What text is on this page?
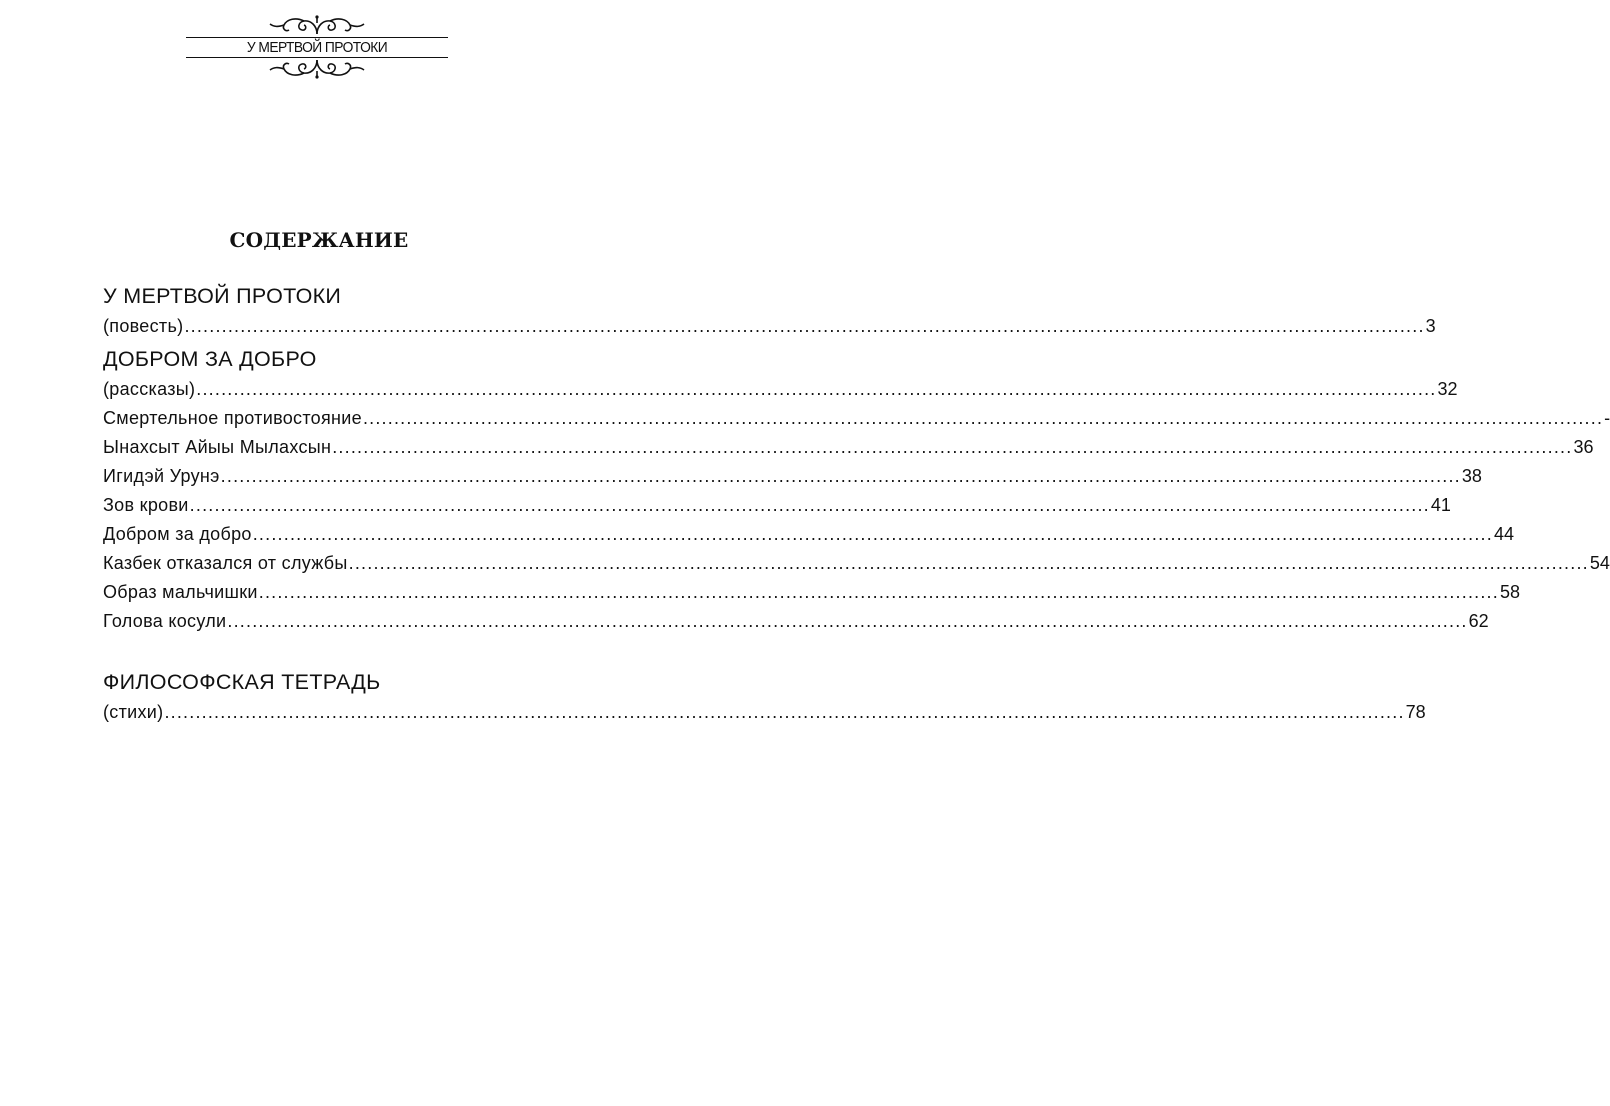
У МЕРТВОЙ ПРОТОКИ
СОДЕРЖАНИЕ
У МЕРТВОЙ ПРОТОКИ
(повесть) ........................................................................................................................................................................................................ 3
ДОБРОМ ЗА ДОБРО
(рассказы) ........................................................................................................................................................................................................ 32
Смертельное противостояние ........................................................................................................................................................................................................ -
Ынахсыт Айыы Мылахсын ........................................................................................................................................................................................................ 36
Игидэй Урунэ ........................................................................................................................................................................................................ 38
Зов крови ........................................................................................................................................................................................................ 41
Добром за добро ........................................................................................................................................................................................................ 44
Казбек отказался от службы ........................................................................................................................................................................................................ 54
Образ мальчишки ........................................................................................................................................................................................................ 58
Голова косули ........................................................................................................................................................................................................ 62
ФИЛОСОФСКАЯ ТЕТРАДЬ
(стихи) ........................................................................................................................................................................................................ 78
